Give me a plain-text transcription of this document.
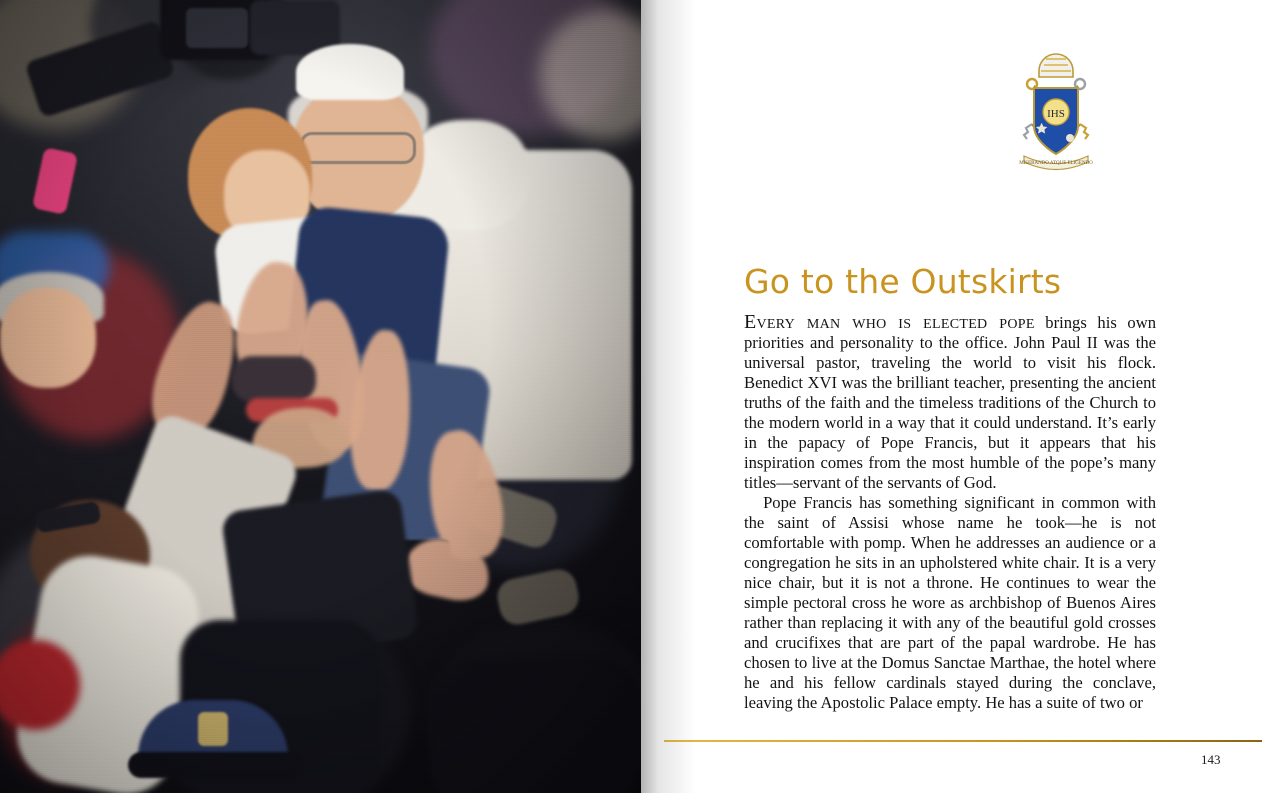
IHS
MISERANDO ATQUE ELIGENDO
Go to the Outskirts

Every man who is elected pope brings his own priorities and personality to the office. John Paul II was the universal pastor, traveling the world to visit his flock. Benedict XVI was the brilliant teacher, presenting the ancient truths of the faith and the timeless traditions of the Church to the modern world in a way that it could understand. It’s early in the papacy of Pope Francis, but it appears that his inspiration comes from the most humble of the pope’s many titles—servant of the servants of God.

Pope Francis has something significant in common with the saint of Assisi whose name he took—he is not comfortable with pomp. When he addresses an audience or a congregation he sits in an upholstered white chair. It is a very nice chair, but it is not a throne. He continues to wear the simple pectoral cross he wore as archbishop of Buenos Aires rather than replacing it with any of the beautiful gold crosses and crucifixes that are part of the papal wardrobe. He has chosen to live at the Domus Sanctae Marthae, the hotel where he and his fellow cardinals stayed during the conclave, leaving the Apostolic Palace empty. He has a suite of two or

143
